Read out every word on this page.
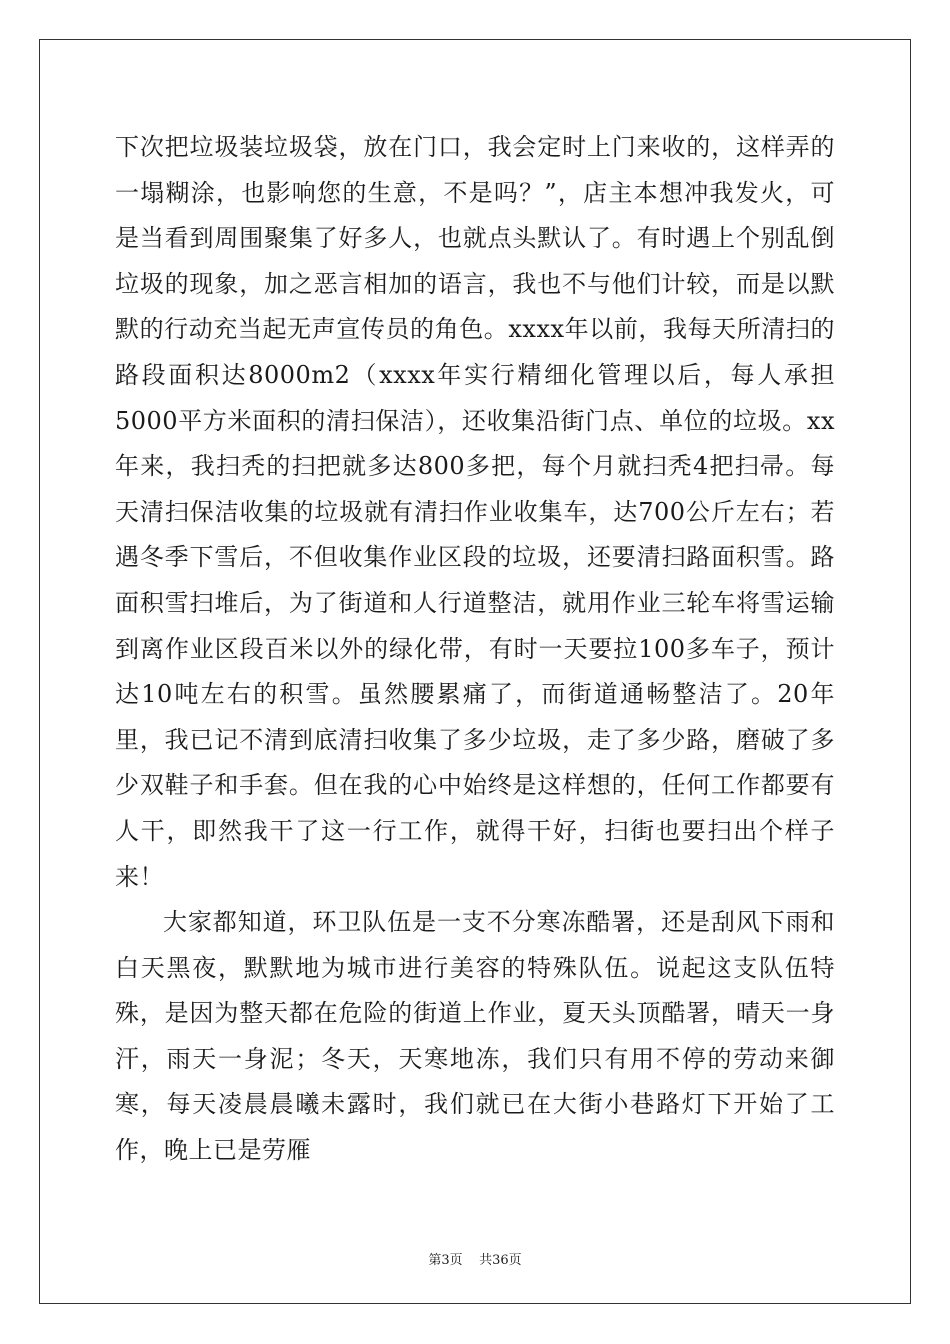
下次把垃圾装垃圾袋，放在门口，我会定时上门来收的，这样弄的一塌糊涂，也影响您的生意，不是吗？”，店主本想冲我发火，可是当看到周围聚集了好多人，也就点头默认了。有时遇上个别乱倒垃圾的现象，加之恶言相加的语言，我也不与他们计较，而是以默默的行动充当起无声宣传员的角色。xxxx年以前，我每天所清扫的路段面积达8000m2（xxxx年实行精细化管理以后，每人承担5000平方米面积的清扫保洁），还收集沿街门点、单位的垃圾。xx年来，我扫秃的扫把就多达800多把，每个月就扫秃4把扫帚。每天清扫保洁收集的垃圾就有清扫作业收集车，达700公斤左右；若遇冬季下雪后，不但收集作业区段的垃圾，还要清扫路面积雪。路面积雪扫堆后，为了街道和人行道整洁，就用作业三轮车将雪运输到离作业区段百米以外的绿化带，有时一天要拉100多车子，预计达10吨左右的积雪。虽然腰累痛了，而街道通畅整洁了。20年里，我已记不清到底清扫收集了多少垃圾，走了多少路，磨破了多少双鞋子和手套。但在我的心中始终是这样想的，任何工作都要有人干，即然我干了这一行工作，就得干好，扫街也要扫出个样子来！

大家都知道，环卫队伍是一支不分寒冻酷署，还是刮风下雨和白天黑夜，默默地为城市进行美容的特殊队伍。说起这支队伍特殊，是因为整天都在危险的街道上作业，夏天头顶酷署，晴天一身汗，雨天一身泥；冬天，天寒地冻，我们只有用不停的劳动来御寒，每天凌晨晨曦未露时，我们就已在大街小巷路灯下开始了工作，晚上已是劳雁

第3页 共36页
